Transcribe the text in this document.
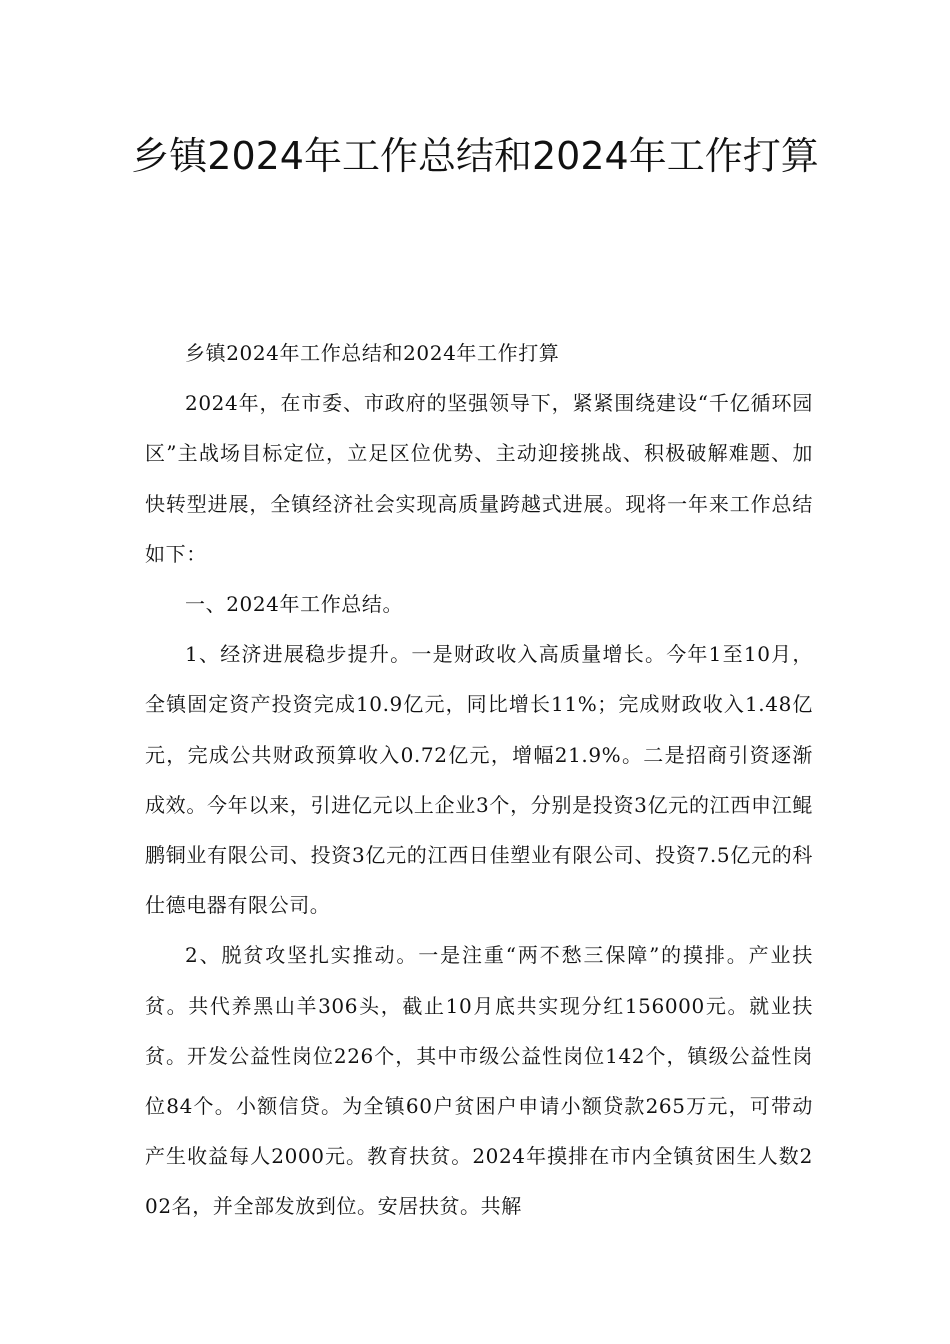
乡镇2024年工作总结和2024年工作打算

乡镇2024年工作总结和2024年工作打算

2024年，在市委、市政府的坚强领导下，紧紧围绕建设“千亿循环园区”主战场目标定位，立足区位优势、主动迎接挑战、积极破解难题、加快转型进展，全镇经济社会实现高质量跨越式进展。现将一年来工作总结如下：

一、2024年工作总结。

1、经济进展稳步提升。一是财政收入高质量增长。今年1至10月，全镇固定资产投资完成10.9亿元，同比增长11%；完成财政收入1.48亿元，完成公共财政预算收入0.72亿元，增幅21.9%。二是招商引资逐渐成效。今年以来，引进亿元以上企业3个，分别是投资3亿元的江西申江鲲鹏铜业有限公司、投资3亿元的江西日佳塑业有限公司、投资7.5亿元的科仕德电器有限公司。

2、脱贫攻坚扎实推动。一是注重“两不愁三保障”的摸排。产业扶贫。共代养黑山羊306头，截止10月底共实现分红156000元。就业扶贫。开发公益性岗位226个，其中市级公益性岗位142个，镇级公益性岗位84个。小额信贷。为全镇60户贫困户申请小额贷款265万元，可带动产生收益每人2000元。教育扶贫。2024年摸排在市内全镇贫困生人数202名，并全部发放到位。安居扶贫。共解
